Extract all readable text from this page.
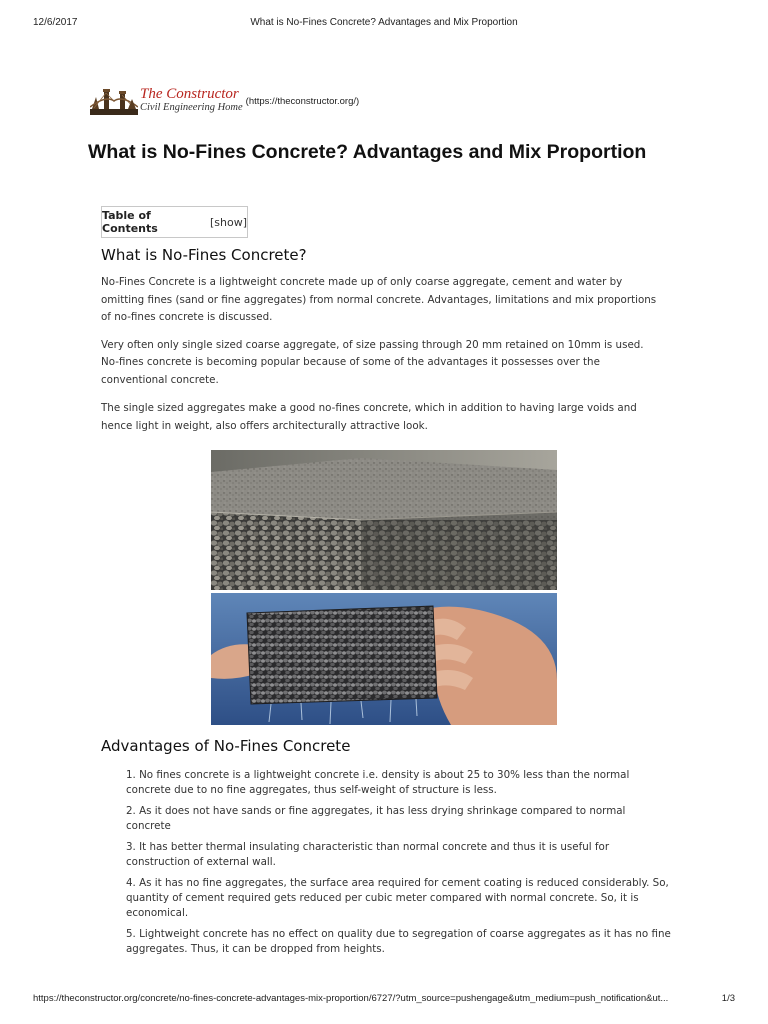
12/6/2017	What is No-Fines Concrete? Advantages and Mix Proportion
The Constructor
Civil Engineering Home
(https://theconstructor.org/)
What is No-Fines Concrete? Advantages and Mix Proportion
Table of Contents	[show]
What is No-Fines Concrete?

No-Fines Concrete is a lightweight concrete made up of only coarse aggregate, cement and water by omitting fines (sand or fine aggregates) from normal concrete. Advantages, limitations and mix proportions of no-fines concrete is discussed.

Very often only single sized coarse aggregate, of size passing through 20 mm retained on 10mm is used. No-fines concrete is becoming popular because of some of the advantages it possesses over the conventional concrete.

The single sized aggregates make a good no-fines concrete, which in addition to having large voids and hence light in weight, also offers architecturally attractive look.

Advantages of No-Fines Concrete
1. No fines concrete is a lightweight concrete i.e. density is about 25 to 30% less than the normal concrete due to no fine aggregates, thus self-weight of structure is less.
2. As it does not have sands or fine aggregates, it has less drying shrinkage compared to normal concrete
3. It has better thermal insulating characteristic than normal concrete and thus it is useful for construction of external wall.
4. As it has no fine aggregates, the surface area required for cement coating is reduced considerably. So, quantity of cement required gets reduced per cubic meter compared with normal concrete. So, it is economical.
5. Lightweight concrete has no effect on quality due to segregation of coarse aggregates as it has no fine aggregates. Thus, it can be dropped from heights.
https://theconstructor.org/concrete/no-fines-concrete-advantages-mix-proportion/6727/?utm_source=pushengage&utm_medium=push_notification&ut...	1/3
